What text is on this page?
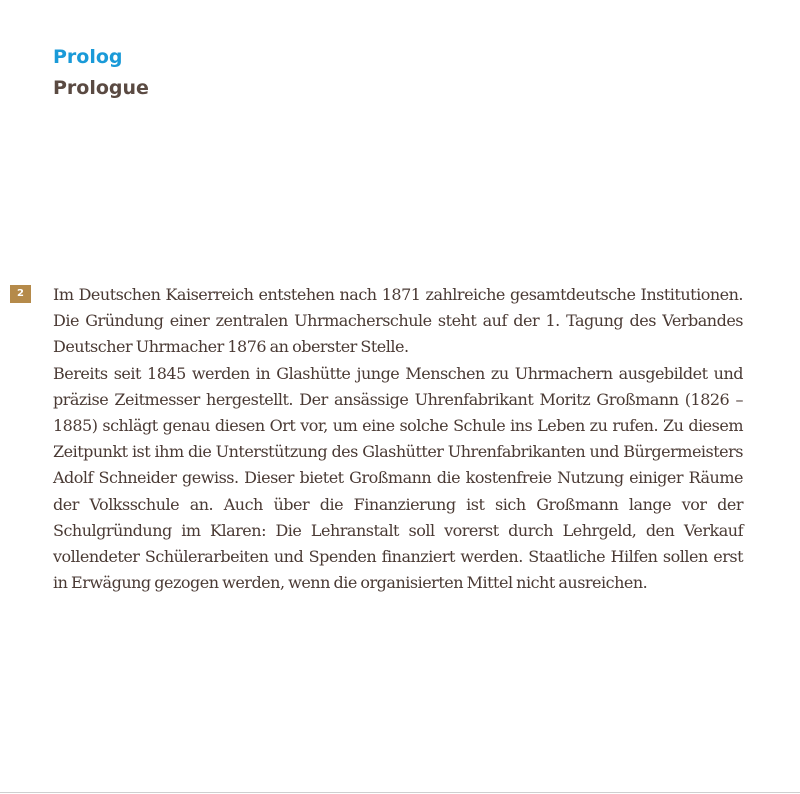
Prolog
Prologue
2	Im Deutschen Kaiserreich entstehen nach 1871 zahlreiche gesamtdeutsche Institutionen. Die Gründung einer zentralen Uhrmacherschule steht auf der 1. Tagung des Verbandes Deutscher Uhrmacher 1876 an oberster Stelle.

Bereits seit 1845 werden in Glashütte junge Menschen zu Uhrmachern ausgebildet und präzise Zeitmesser hergestellt. Der ansässige Uhrenfabrikant Moritz Großmann (1826 – 1885) schlägt genau diesen Ort vor, um eine solche Schule ins Leben zu rufen. Zu diesem Zeitpunkt ist ihm die Unterstützung des Glashütter Uhrenfabrikanten und Bürgermeisters Adolf Schneider gewiss. Dieser bietet Großmann die kostenfreie Nutzung einiger Räume der Volksschule an. Auch über die Finanzierung ist sich Großmann lange vor der Schulgründung im Klaren: Die Lehranstalt soll vorerst durch Lehrgeld, den Verkauf vollendeter Schülerarbeiten und Spenden finanziert werden. Staatliche Hilfen sollen erst in Erwägung gezogen werden, wenn die organisierten Mittel nicht ausreichen.
